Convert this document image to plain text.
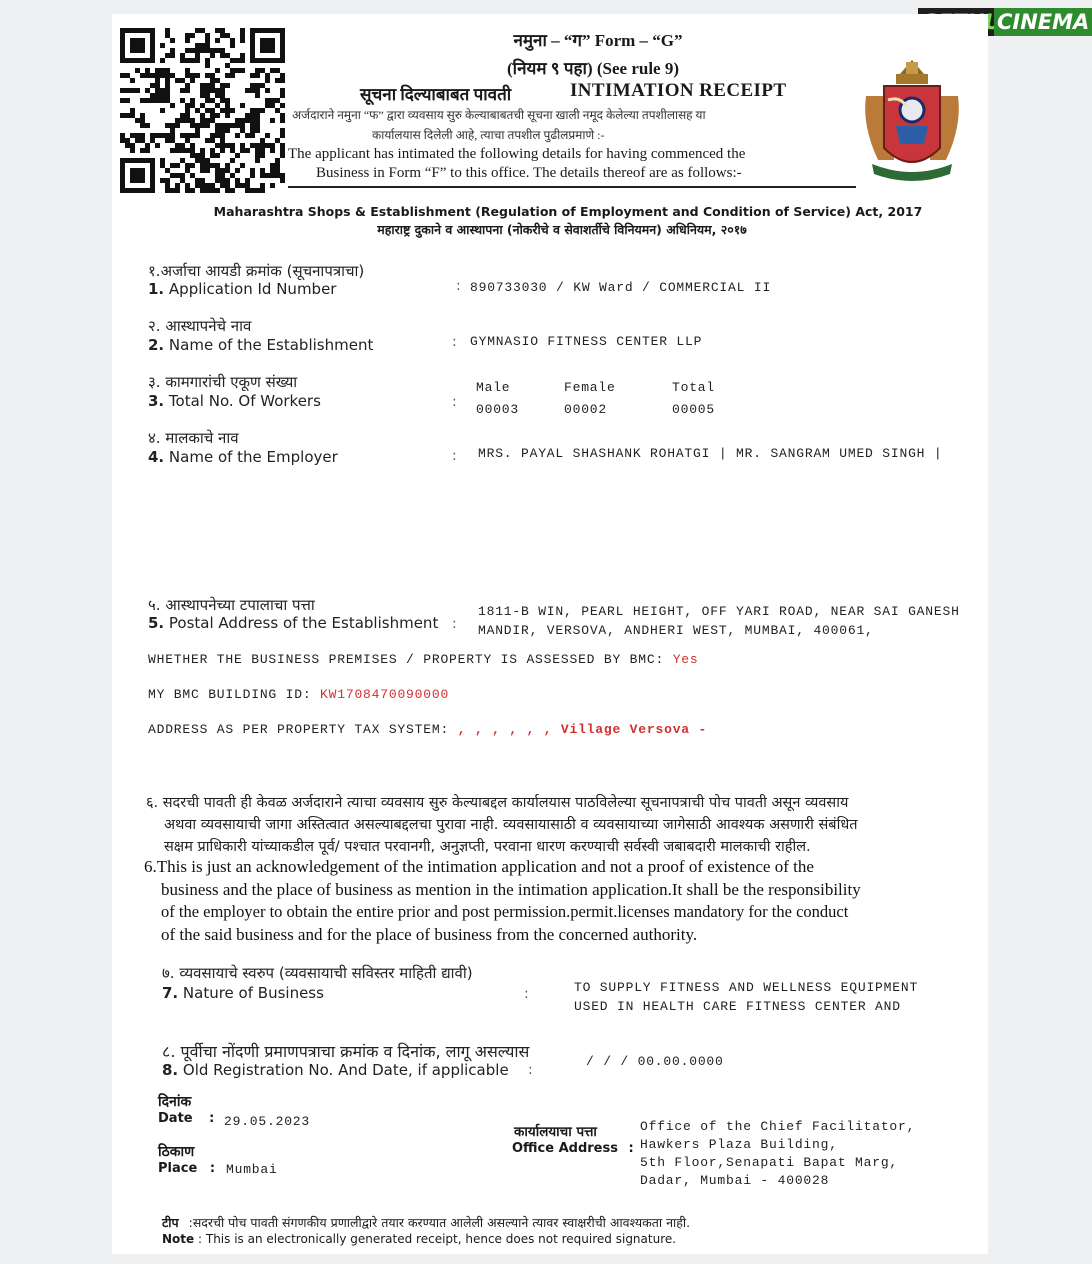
CINEMA
नमुना – “ग” Form – “G”
(नियम ९ पहा) (See rule 9)
सूचना दिल्याबाबत पावती	INTIMATION RECEIPT
अर्जदाराने नमुना “फ” द्वारा व्यवसाय सुरु केल्याबाबतची सूचना खाली नमूद केलेल्या तपशीलासह या
कार्यालयास दिलेली आहे, त्याचा तपशील पुढीलप्रमाणे :-
The applicant has intimated the following details for having commenced the
Business in Form “F” to this office. The details thereof are as follows:-
Maharashtra Shops & Establishment (Regulation of Employment and Condition of Service) Act, 2017
महाराष्ट्र दुकाने व आस्थापना (नोकरीचे व सेवाशर्तीचे विनियमन) अधिनियम, २०१७
१.अर्जाचा आयडी क्रमांक (सूचनापत्राचा)
1. Application Id Number	: 890733030 / KW Ward / COMMERCIAL II
२. आस्थापनेचे नाव
2. Name of the Establishment	: GYMNASIO FITNESS CENTER LLP
३. कामगारांची एकूण संख्या
3. Total No. Of Workers	:
Male	Female	Total
00003	00002	00005
४. मालकाचे नाव
4. Name of the Employer	: MRS. PAYAL SHASHANK ROHATGI | MR. SANGRAM UMED SINGH |
५. आस्थापनेच्या टपालाचा पत्ता
5. Postal Address of the Establishment :
1811-B WIN, PEARL HEIGHT, OFF YARI ROAD, NEAR SAI GANESH
MANDIR, VERSOVA, ANDHERI WEST, MUMBAI, 400061,
WHETHER THE BUSINESS PREMISES / PROPERTY IS ASSESSED BY BMC: Yes
MY BMC BUILDING ID: KW1708470090000
ADDRESS AS PER PROPERTY TAX SYSTEM: , , , , , , Village Versova -
६. सदरची पावती ही केवळ अर्जदाराने त्याचा व्यवसाय सुरु केल्याबद्दल कार्यालयास पाठविलेल्या सूचनापत्राची पोच पावती असून व्यवसाय
अथवा व्यवसायाची जागा अस्तित्वात असल्याबद्दलचा पुरावा नाही. व्यवसायासाठी व व्यवसायाच्या जागेसाठी आवश्यक असणारी संबंधित
सक्षम प्राधिकारी यांच्याकडील पूर्व/ पश्चात परवानगी, अनुज्ञप्ती, परवाना धारण करण्याची सर्वस्वी जबाबदारी मालकाची राहील.
6.This is just an acknowledgement of the intimation application and not a proof of existence of the
business and the place of business as mention in the intimation application.It shall be the responsibility
of the employer to obtain the entire prior and post permission.permit.licenses mandatory for the conduct
of the said business and for the place of business from the concerned authority.
७. व्यवसायाचे स्वरुप (व्यवसायाची सविस्तर माहिती द्यावी)
7. Nature of Business	:	TO SUPPLY FITNESS AND WELLNESS EQUIPMENT
USED IN HEALTH CARE FITNESS CENTER AND
८. पूर्वीचा नोंदणी प्रमाणपत्राचा क्रमांक व दिनांक, लागू असल्यास
8. Old Registration No. And Date, if applicable :
/ / / 00.00.0000
दिनांक
Date : 29.05.2023
ठिकाण
Place : Mumbai
कार्यालयाचा पत्ता
Office Address :
Office of the Chief Facilitator,
Hawkers Plaza Building,
5th Floor,Senapati Bapat Marg,
Dadar, Mumbai - 400028
टीप :सदरची पोच पावती संगणकीय प्रणालीद्वारे तयार करण्यात आलेली असल्याने त्यावर स्वाक्षरीची आवश्यकता नाही.
Note : This is an electronically generated receipt, hence does not required signature.
